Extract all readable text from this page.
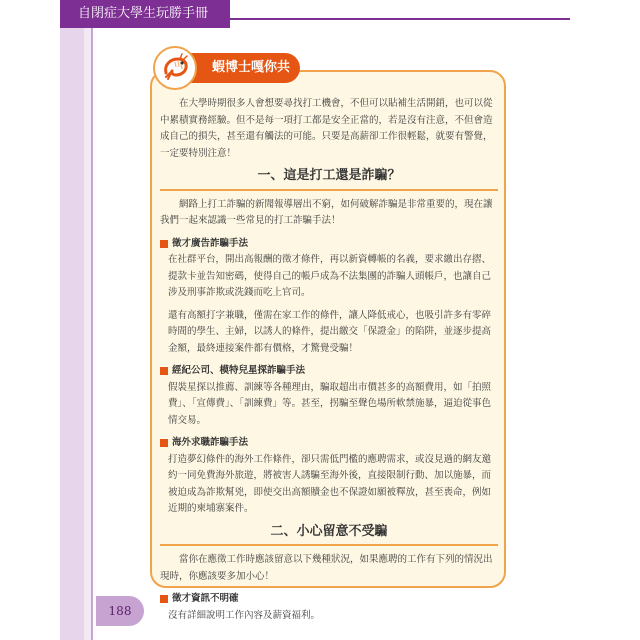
自閉症大學生玩勝手冊
188
蝦博士嘎你共

在大學時期很多人會想要尋找打工機會，不但可以貼補生活開銷，也可以從中累積實務經驗。但不是每一項打工都是安全正當的，若是沒有注意，不但會造成自己的損失，甚至還有觸法的可能。只要是高薪卻工作很輕鬆，就要有警覺，一定要特別注意！

一、這是打工還是詐騙？

網路上打工詐騙的新聞報導層出不窮，如何破解詐騙是非常重要的，現在讓我們一起來認識一些常見的打工詐騙手法！

徵才廣告詐騙手法

在社群平台，開出高報酬的徵才條件，再以新資轉帳的名義，要求繳出存摺、提款卡並告知密碼，使得自己的帳戶成為不法集團的詐騙人頭帳戶，也讓自己涉及刑事詐欺或洗錢而吃上官司。

還有高額打字兼職，僅需在家工作的條件，讓人降低戒心，也吸引許多有零碎時間的學生、主婦，以誘人的條件，提出繳交「保證金」的陷阱，並逐步提高金額，最終連接案件都有價格，才驚覺受騙！

經紀公司、模特兒星探詐騙手法

假裝星探以推薦、訓練等各種理由，騙取超出市價甚多的高額費用，如「拍照費」、「宣傳費」、「訓練費」等。甚至，拐騙至聲色場所軟禁施暴，逼迫從事色情交易。

海外求職詐騙手法

打造夢幻條件的海外工作條件，卻只需低門檻的應聘需求，或沒見過的網友邀約一同免費海外旅遊，將被害人誘騙至海外後，直接限制行動、加以施暴，而被迫成為詐欺幫兇，即使交出高額贖金也不保證如願被釋放，甚至喪命，例如近期的柬埔寨案件。

二、小心留意不受騙

當你在應徵工作時應該留意以下幾種狀況，如果應聘的工作有下列的情況出現時，你應該要多加小心！

徵才資訊不明確

沒有詳細說明工作內容及薪資福利。
